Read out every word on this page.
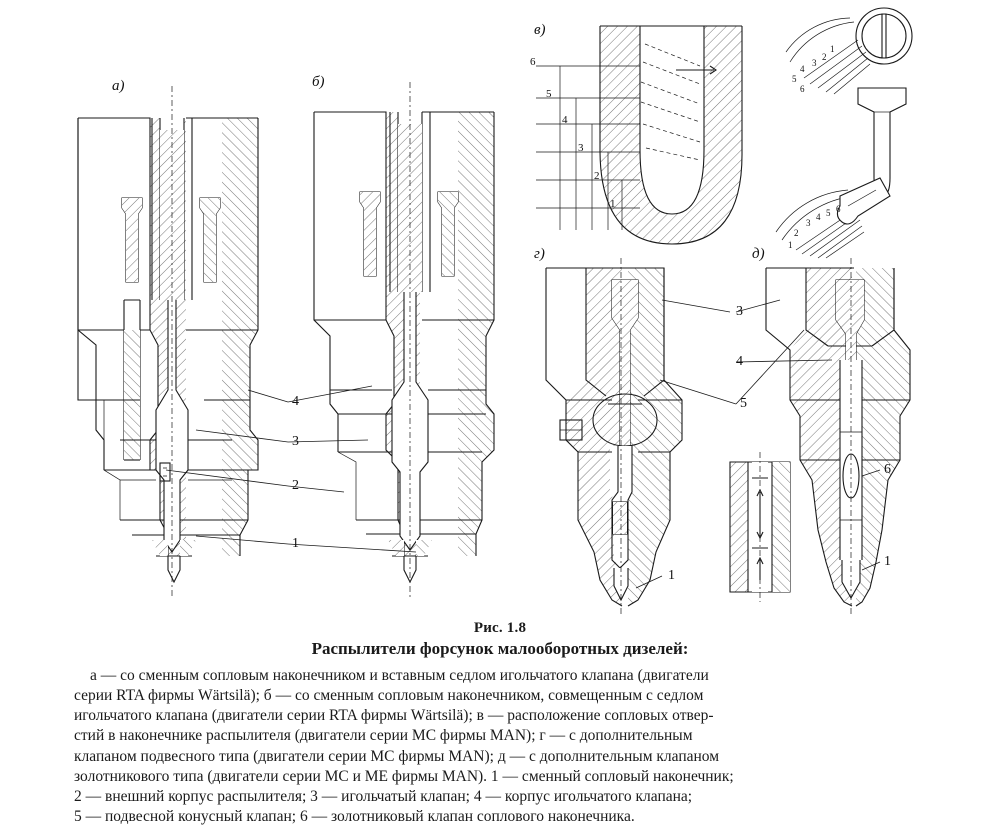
а)	б)
в)
г)	д)
6
5
4
3
2
1
1
2
3
4
5
6
6
5
4
3
2
1
4
3
2
1
5
1
3
4
6
1
Рис. 1.8
Распылители форсунок малооборотных дизелей:

а — со сменным сопловым наконечником и вставным седлом игольчатого клапана (двигатели

серии RTA фирмы Wärtsilä); б — со сменным сопловым наконечником, совмещенным с седлом

игольчатого клапана (двигатели серии RTA фирмы Wärtsilä); в — расположение сопловых отвер-

стий в наконечнике распылителя (двигатели серии MC фирмы MAN); г — с дополнительным

клапаном подвесного типа (двигатели серии MC фирмы MAN); д — с дополнительным клапаном

золотникового типа (двигатели серии MC и ME фирмы MAN). 1 — сменный сопловый наконечник;

2 — внешний корпус распылителя; 3 — игольчатый клапан; 4 — корпус игольчатого клапана;

5 — подвесной конусный клапан; 6 — золотниковый клапан соплового наконечника.
